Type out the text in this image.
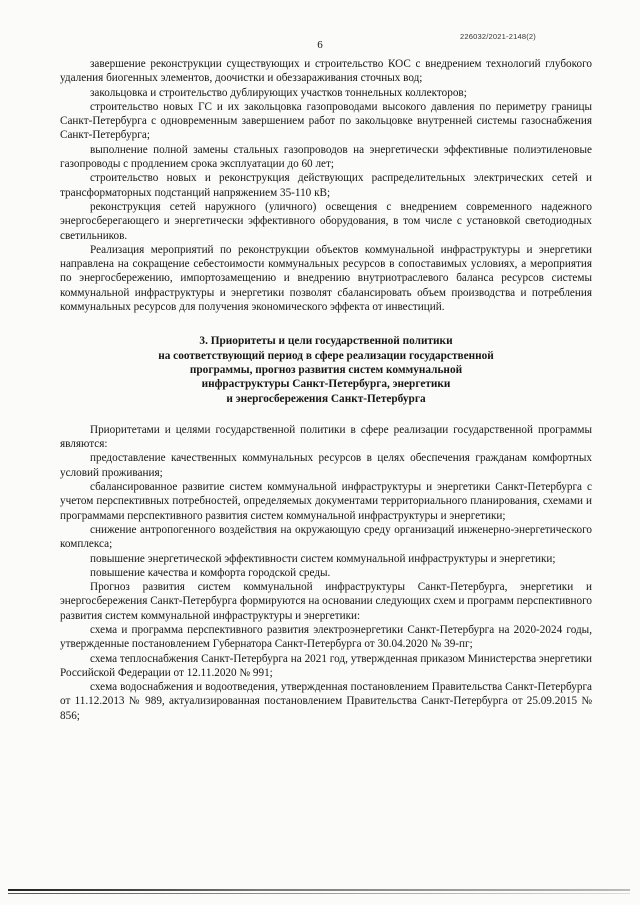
226032/2021-2148(2)
6

завершение реконструкции существующих и строительство КОС с внедрением технологий глубокого удаления биогенных элементов, доочистки и обеззараживания сточных вод;

закольцовка и строительство дублирующих участков тоннельных коллекторов;

строительство новых ГС и их закольцовка газопроводами высокого давления по периметру границы Санкт-Петербурга с одновременным завершением работ по закольцовке внутренней системы газоснабжения Санкт-Петербурга;

выполнение полной замены стальных газопроводов на энергетически эффективные полиэтиленовые газопроводы с продлением срока эксплуатации до 60 лет;

строительство новых и реконструкция действующих распределительных электрических сетей и трансформаторных подстанций напряжением 35-110 кВ;

реконструкция сетей наружного (уличного) освещения с внедрением современного надежного энергосберегающего и энергетически эффективного оборудования, в том числе с установкой светодиодных светильников.

Реализация мероприятий по реконструкции объектов коммунальной инфраструктуры и энергетики направлена на сокращение себестоимости коммунальных ресурсов в сопоставимых условиях, а мероприятия по энергосбережению, импортозамещению и внедрению внутриотраслевого баланса ресурсов системы коммунальной инфраструктуры и энергетики позволят сбалансировать объем производства и потребления коммунальных ресурсов для получения экономического эффекта от инвестиций.

3. Приоритеты и цели государственной политики
на соответствующий период в сфере реализации государственной
программы, прогноз развития систем коммунальной
инфраструктуры Санкт-Петербурга, энергетики
и энергосбережения Санкт-Петербурга

Приоритетами и целями государственной политики в сфере реализации государственной программы являются:

предоставление качественных коммунальных ресурсов в целях обеспечения гражданам комфортных условий проживания;

сбалансированное развитие систем коммунальной инфраструктуры и энергетики Санкт-Петербурга с учетом перспективных потребностей, определяемых документами территориального планирования, схемами и программами перспективного развития систем коммунальной инфраструктуры и энергетики;

снижение антропогенного воздействия на окружающую среду организаций инженерно-энергетического комплекса;

повышение энергетической эффективности систем коммунальной инфраструктуры и энергетики;

повышение качества и комфорта городской среды.

Прогноз развития систем коммунальной инфраструктуры Санкт-Петербурга, энергетики и энергосбережения Санкт-Петербурга формируются на основании следующих схем и программ перспективного развития систем коммунальной инфраструктуры и энергетики:

схема и программа перспективного развития электроэнергетики Санкт-Петербурга на 2020-2024 годы, утвержденные постановлением Губернатора Санкт-Петербурга от 30.04.2020 № 39-пг;

схема теплоснабжения Санкт-Петербурга на 2021 год, утвержденная приказом Министерства энергетики Российской Федерации от 12.11.2020 № 991;

схема водоснабжения и водоотведения, утвержденная постановлением Правительства Санкт-Петербурга от 11.12.2013 № 989, актуализированная постановлением Правительства Санкт-Петербурга от 25.09.2015 № 856;
